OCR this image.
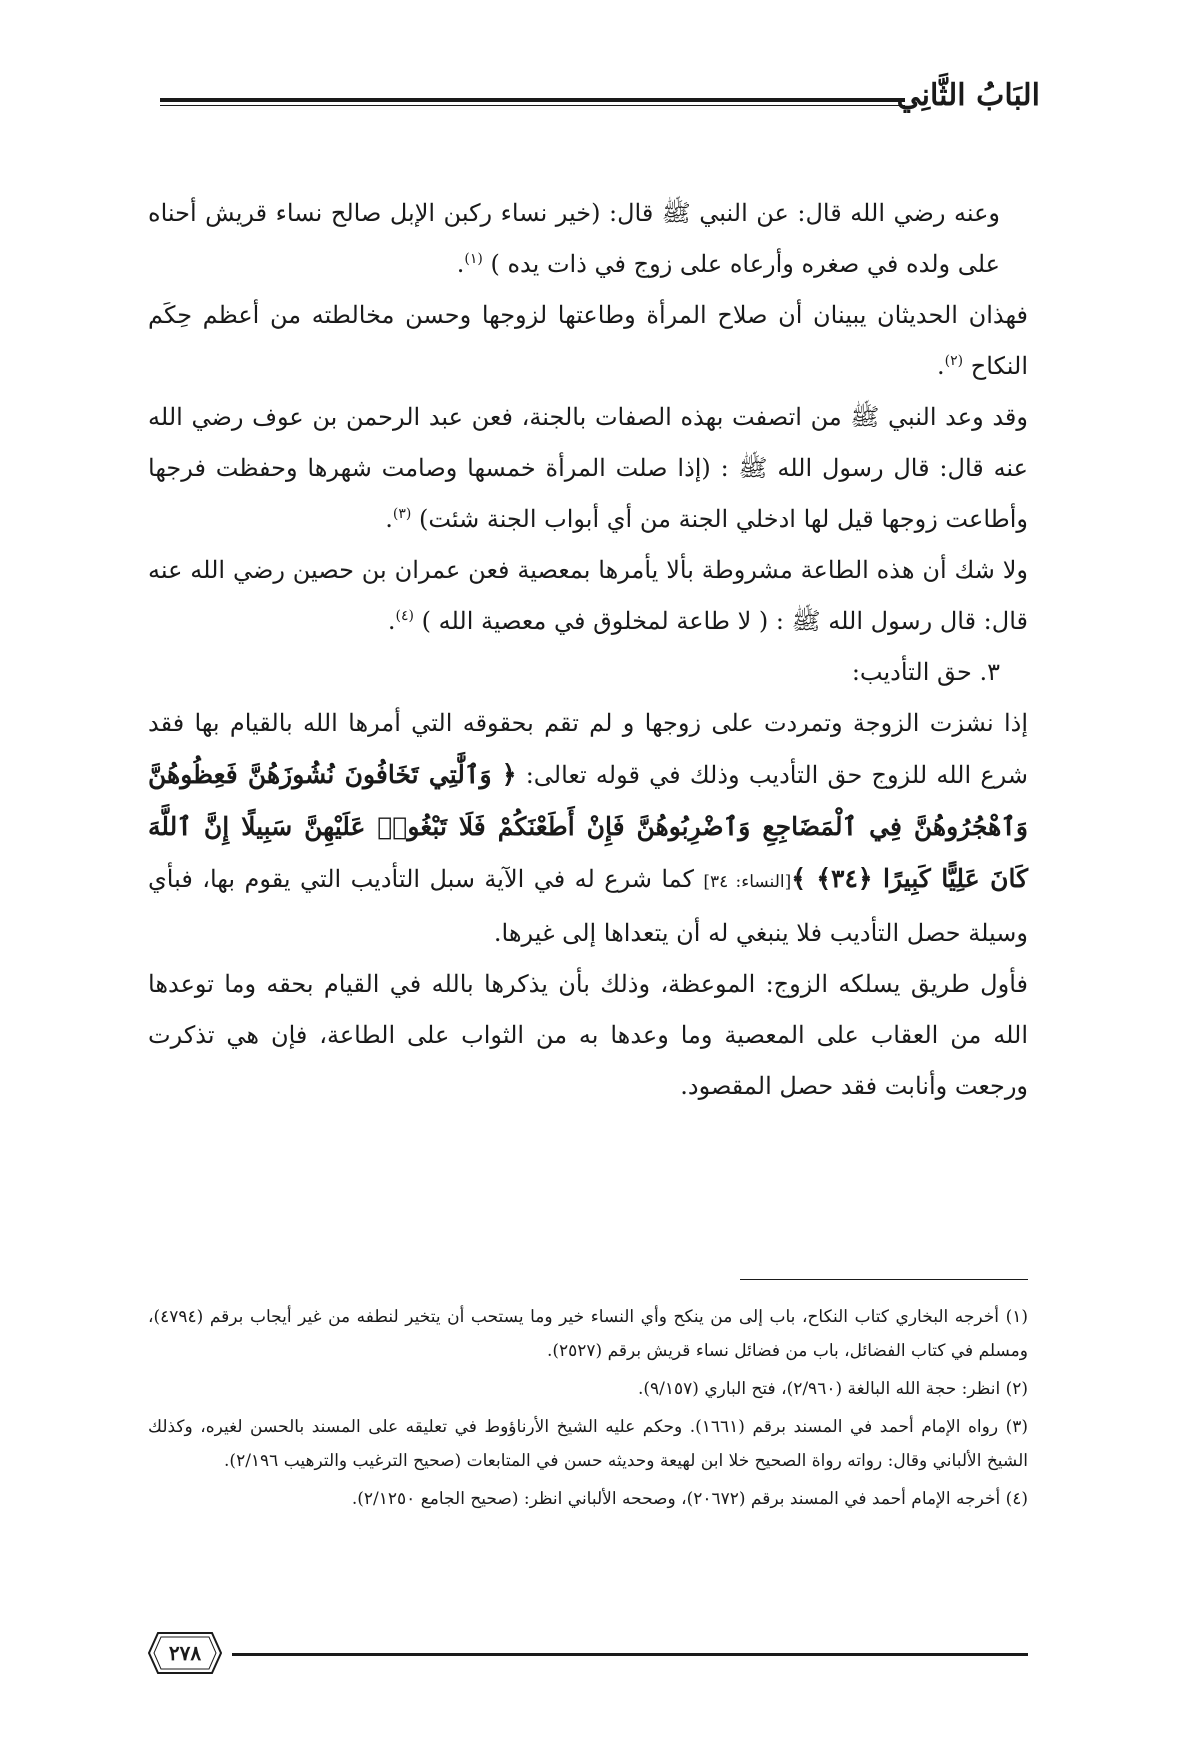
البَابُ الثَّانِي

وعنه رضي الله قال: عن النبي ﷺ قال: (خير نساء ركبن الإبل صالح نساء قريش أحناه على ولده في صغره وأرعاه على زوج في ذات يده ) $^{(١)}$.

فهذان الحديثان يبينان أن صلاح المرأة وطاعتها لزوجها وحسن مخالطته من أعظم حِكَم النكاح $^{(٢)}$.

وقد وعد النبي ﷺ من اتصفت بهذه الصفات بالجنة، فعن عبد الرحمن بن عوف رضي الله عنه قال: قال رسول الله ﷺ : (إذا صلت المرأة خمسها وصامت شهرها وحفظت فرجها وأطاعت زوجها قيل لها ادخلي الجنة من أي أبواب الجنة شئت) $^{(٣)}$.

ولا شك أن هذه الطاعة مشروطة بألا يأمرها بمعصية فعن عمران بن حصين رضي الله عنه قال: قال رسول الله ﷺ : ( لا طاعة لمخلوق في معصية الله ) $^{(٤)}$.

٣. حق التأديب:

إذا نشزت الزوجة وتمردت على زوجها و لم تقم بحقوقه التي أمرها الله بالقيام بها فقد شرع الله للزوج حق التأديب وذلك في قوله تعالى: ﴿ وَٱلَّٰتِي تَخَافُونَ نُشُوزَهُنَّ فَعِظُوهُنَّ وَٱهْجُرُوهُنَّ فِي ٱلْمَضَاجِعِ وَٱضْرِبُوهُنَّ فَإِنْ أَطَعْنَكُمْ فَلَا تَبْغُوا۟ عَلَيْهِنَّ سَبِيلًا إِنَّ ٱللَّهَ كَانَ عَلِيًّا كَبِيرًا ﴿٣٤﴾ ﴾[النساء: ٣٤] كما شرع له في الآية سبل التأديب التي يقوم بها، فبأي وسيلة حصل التأديب فلا ينبغي له أن يتعداها إلى غيرها.

فأول طريق يسلكه الزوج: الموعظة، وذلك بأن يذكرها بالله في القيام بحقه وما توعدها الله من العقاب على المعصية وما وعدها به من الثواب على الطاعة، فإن هي تذكرت ورجعت وأنابت فقد حصل المقصود.

(١) أخرجه البخاري كتاب النكاح، باب إلى من ينكح وأي النساء خير وما يستحب أن يتخير لنطفه من غير أيجاب برقم (٤٧٩٤)، ومسلم في كتاب الفضائل، باب من فضائل نساء قريش برقم (٢٥٢٧).

(٢) انظر: حجة الله البالغة (٢/٩٦٠)، فتح الباري (٩/١٥٧).

(٣) رواه الإمام أحمد في المسند برقم (١٦٦١). وحكم عليه الشيخ الأرناؤوط في تعليقه على المسند بالحسن لغيره، وكذلك الشيخ الألباني وقال: رواته رواة الصحيح خلا ابن لهيعة وحديثه حسن في المتابعات (صحيح الترغيب والترهيب ٢/١٩٦).

(٤) أخرجه الإمام أحمد في المسند برقم (٢٠٦٧٢)، وصححه الألباني انظر: (صحيح الجامع ٢/١٢٥٠).

٢٧٨
